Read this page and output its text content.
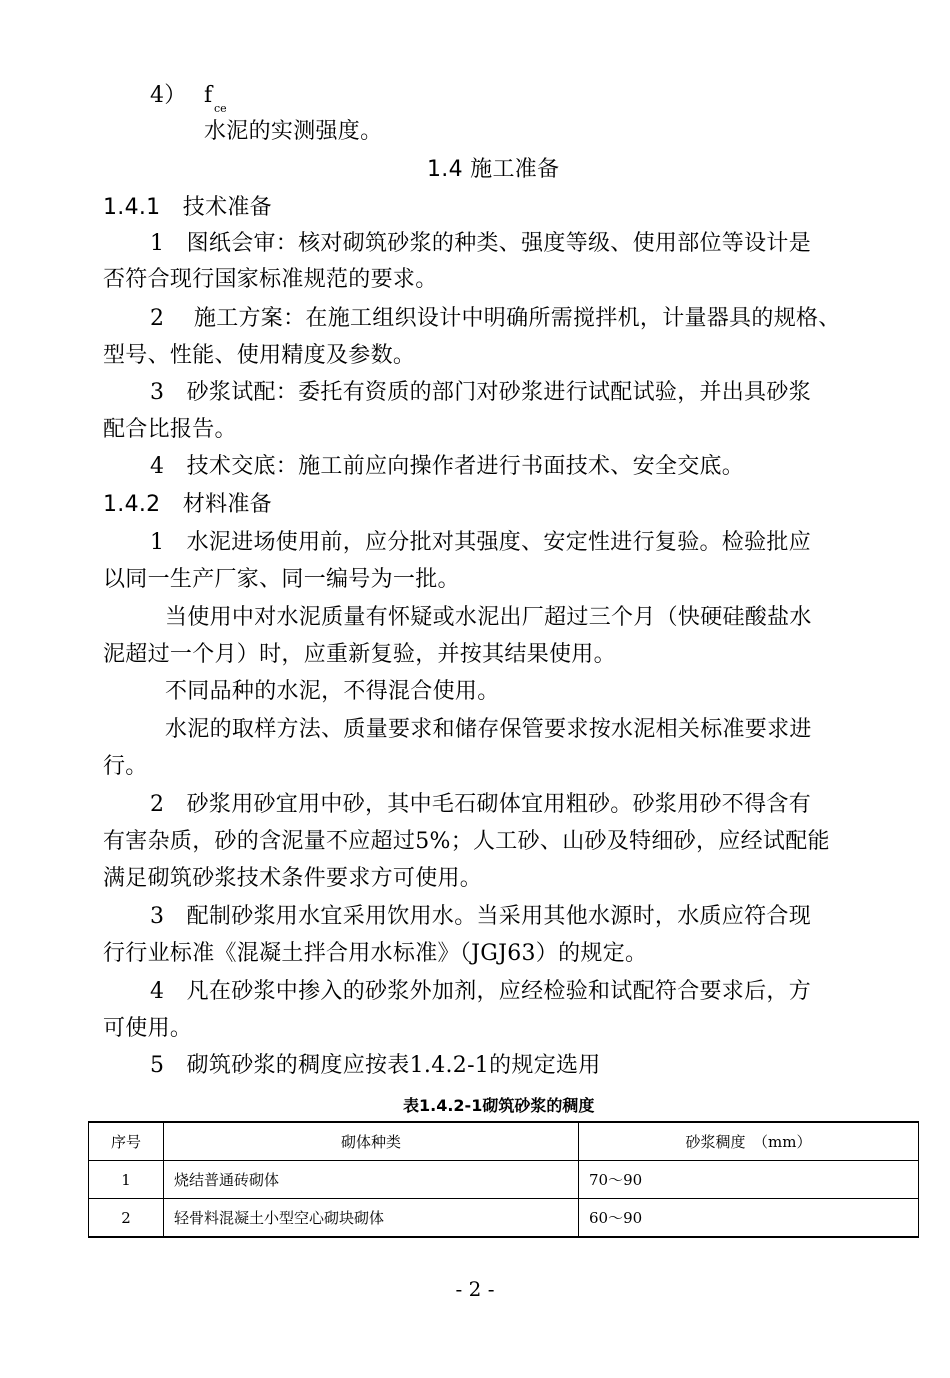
4） f
ce
水泥的实测强度。
1.4 施工准备
1.4.1　技术准备
1　图纸会审：核对砌筑砂浆的种类、强度等级、使用部位等设计是
否符合现行国家标准规范的要求。
2　 施工方案：在施工组织设计中明确所需搅拌机，计量器具的规格、
型号、性能、使用精度及参数。
3　砂浆试配：委托有资质的部门对砂浆进行试配试验，并出具砂浆
配合比报告。
4　技术交底：施工前应向操作者进行书面技术、安全交底。
1.4.2　材料准备
1　水泥进场使用前，应分批对其强度、安定性进行复验。检验批应
以同一生产厂家、同一编号为一批。
当使用中对水泥质量有怀疑或水泥出厂超过三个月（快硬硅酸盐水
泥超过一个月）时，应重新复验，并按其结果使用。
不同品种的水泥，不得混合使用。
水泥的取样方法、质量要求和储存保管要求按水泥相关标准要求进
行。
2　砂浆用砂宜用中砂，其中毛石砌体宜用粗砂。砂浆用砂不得含有
有害杂质，砂的含泥量不应超过5%；人工砂、山砂及特细砂，应经试配能
满足砌筑砂浆技术条件要求方可使用。
3　配制砂浆用水宜采用饮用水。当采用其他水源时，水质应符合现
行行业标准《混凝土拌合用水标准》（JGJ63）的规定。
4　凡在砂浆中掺入的砂浆外加剂，应经检验和试配符合要求后，方
可使用。
5　砌筑砂浆的稠度应按表1.4.2-1的规定选用
表1.4.2-1砌筑砂浆的稠度
序号	砌体种类	砂浆稠度　（mm）
1	烧结普通砖砌体	70～90
2	轻骨料混凝土小型空心砌块砌体	60～90
- 2 -
